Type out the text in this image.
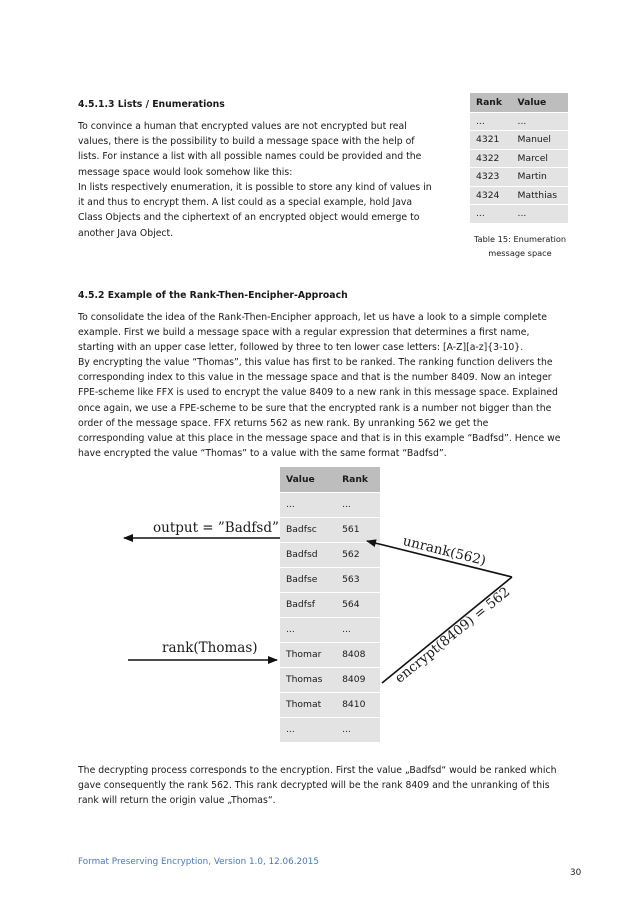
4.5.1.3 Lists / Enumerations
To convince a human that encrypted values are not encrypted but real
values, there is the possibility to build a message space with the help of
lists. For instance a list with all possible names could be provided and the
message space would look somehow like this:
In lists respectively enumeration, it is possible to store any kind of values in
it and thus to encrypt them. A list could as a special example, hold Java
Class Objects and the ciphertext of an encrypted object would emerge to
another Java Object.
Rank	Value
...	...
4321	Manuel
4322	Marcel
4323	Martin
4324	Matthias
...	...
Table 15: Enumeration
message space
4.5.2 Example of the Rank-Then-Encipher-Approach
To consolidate the idea of the Rank-Then-Encipher approach, let us have a look to a simple complete
example. First we build a message space with a regular expression that determines a first name,
starting with an upper case letter, followed by three to ten lower case letters: [A-Z][a-z]{3-10}.
By encrypting the value “Thomas”, this value has first to be ranked. The ranking function delivers the
corresponding index to this value in the message space and that is the number 8409. Now an integer
FPE-scheme like FFX is used to encrypt the value 8409 to a new rank in this message space. Explained
once again, we use a FPE-scheme to be sure that the encrypted rank is a number not bigger than the
order of the message space. FFX returns 562 as new rank. By unranking 562 we get the
corresponding value at this place in the message space and that is in this example “Badfsd”. Hence we
have encrypted the value “Thomas” to a value with the same format “Badfsd”.
Value	Rank
...	...
Badfsc	561
Badfsd	562
Badfse	563
Badfsf	564
...	...
Thomar	8408
Thomas	8409
Thomat	8410
...	...
output = ”Badfsd”
rank(Thomas)
unrank(562)
encrypt(8409) = 562
The decrypting process corresponds to the encryption. First the value „Badfsd“ would be ranked which
gave consequently the rank 562. This rank decrypted will be the rank 8409 and the unranking of this
rank will return the origin value „Thomas“.
Format Preserving Encryption, Version 1.0, 12.06.2015
30
